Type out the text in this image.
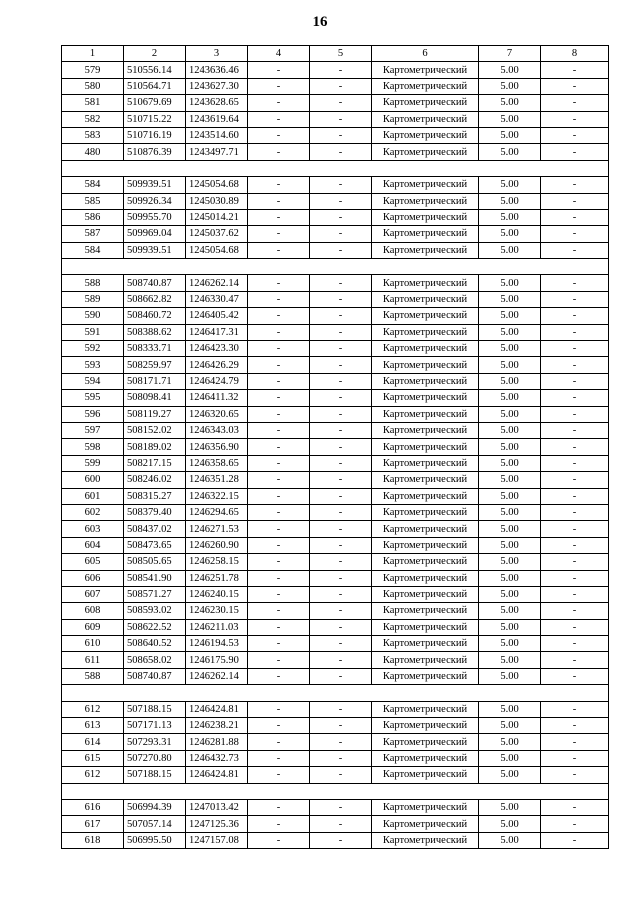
16
1	2	3	4	5	6	7	8
579	510556.14	1243636.46	-	-	Картометрический	5.00	-
580	510564.71	1243627.30	-	-	Картометрический	5.00	-
581	510679.69	1243628.65	-	-	Картометрический	5.00	-
582	510715.22	1243619.64	-	-	Картометрический	5.00	-
583	510716.19	1243514.60	-	-	Картометрический	5.00	-
480	510876.39	1243497.71	-	-	Картометрический	5.00	-

584	509939.51	1245054.68	-	-	Картометрический	5.00	-
585	509926.34	1245030.89	-	-	Картометрический	5.00	-
586	509955.70	1245014.21	-	-	Картометрический	5.00	-
587	509969.04	1245037.62	-	-	Картометрический	5.00	-
584	509939.51	1245054.68	-	-	Картометрический	5.00	-

588	508740.87	1246262.14	-	-	Картометрический	5.00	-
589	508662.82	1246330.47	-	-	Картометрический	5.00	-
590	508460.72	1246405.42	-	-	Картометрический	5.00	-
591	508388.62	1246417.31	-	-	Картометрический	5.00	-
592	508333.71	1246423.30	-	-	Картометрический	5.00	-
593	508259.97	1246426.29	-	-	Картометрический	5.00	-
594	508171.71	1246424.79	-	-	Картометрический	5.00	-
595	508098.41	1246411.32	-	-	Картометрический	5.00	-
596	508119.27	1246320.65	-	-	Картометрический	5.00	-
597	508152.02	1246343.03	-	-	Картометрический	5.00	-
598	508189.02	1246356.90	-	-	Картометрический	5.00	-
599	508217.15	1246358.65	-	-	Картометрический	5.00	-
600	508246.02	1246351.28	-	-	Картометрический	5.00	-
601	508315.27	1246322.15	-	-	Картометрический	5.00	-
602	508379.40	1246294.65	-	-	Картометрический	5.00	-
603	508437.02	1246271.53	-	-	Картометрический	5.00	-
604	508473.65	1246260.90	-	-	Картометрический	5.00	-
605	508505.65	1246258.15	-	-	Картометрический	5.00	-
606	508541.90	1246251.78	-	-	Картометрический	5.00	-
607	508571.27	1246240.15	-	-	Картометрический	5.00	-
608	508593.02	1246230.15	-	-	Картометрический	5.00	-
609	508622.52	1246211.03	-	-	Картометрический	5.00	-
610	508640.52	1246194.53	-	-	Картометрический	5.00	-
611	508658.02	1246175.90	-	-	Картометрический	5.00	-
588	508740.87	1246262.14	-	-	Картометрический	5.00	-

612	507188.15	1246424.81	-	-	Картометрический	5.00	-
613	507171.13	1246238.21	-	-	Картометрический	5.00	-
614	507293.31	1246281.88	-	-	Картометрический	5.00	-
615	507270.80	1246432.73	-	-	Картометрический	5.00	-
612	507188.15	1246424.81	-	-	Картометрический	5.00	-

616	506994.39	1247013.42	-	-	Картометрический	5.00	-
617	507057.14	1247125.36	-	-	Картометрический	5.00	-
618	506995.50	1247157.08	-	-	Картометрический	5.00	-
